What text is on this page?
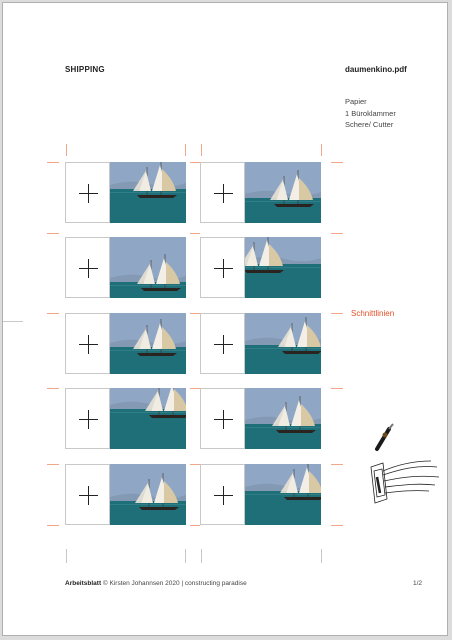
SHIPPING	daumenkino.pdf
Papier
1 Büroklammer
Schere/ Cutter
Schnittlinien
Arbeitsblatt © Kirsten Johannsen 2020 | constructing paradise	1/2
